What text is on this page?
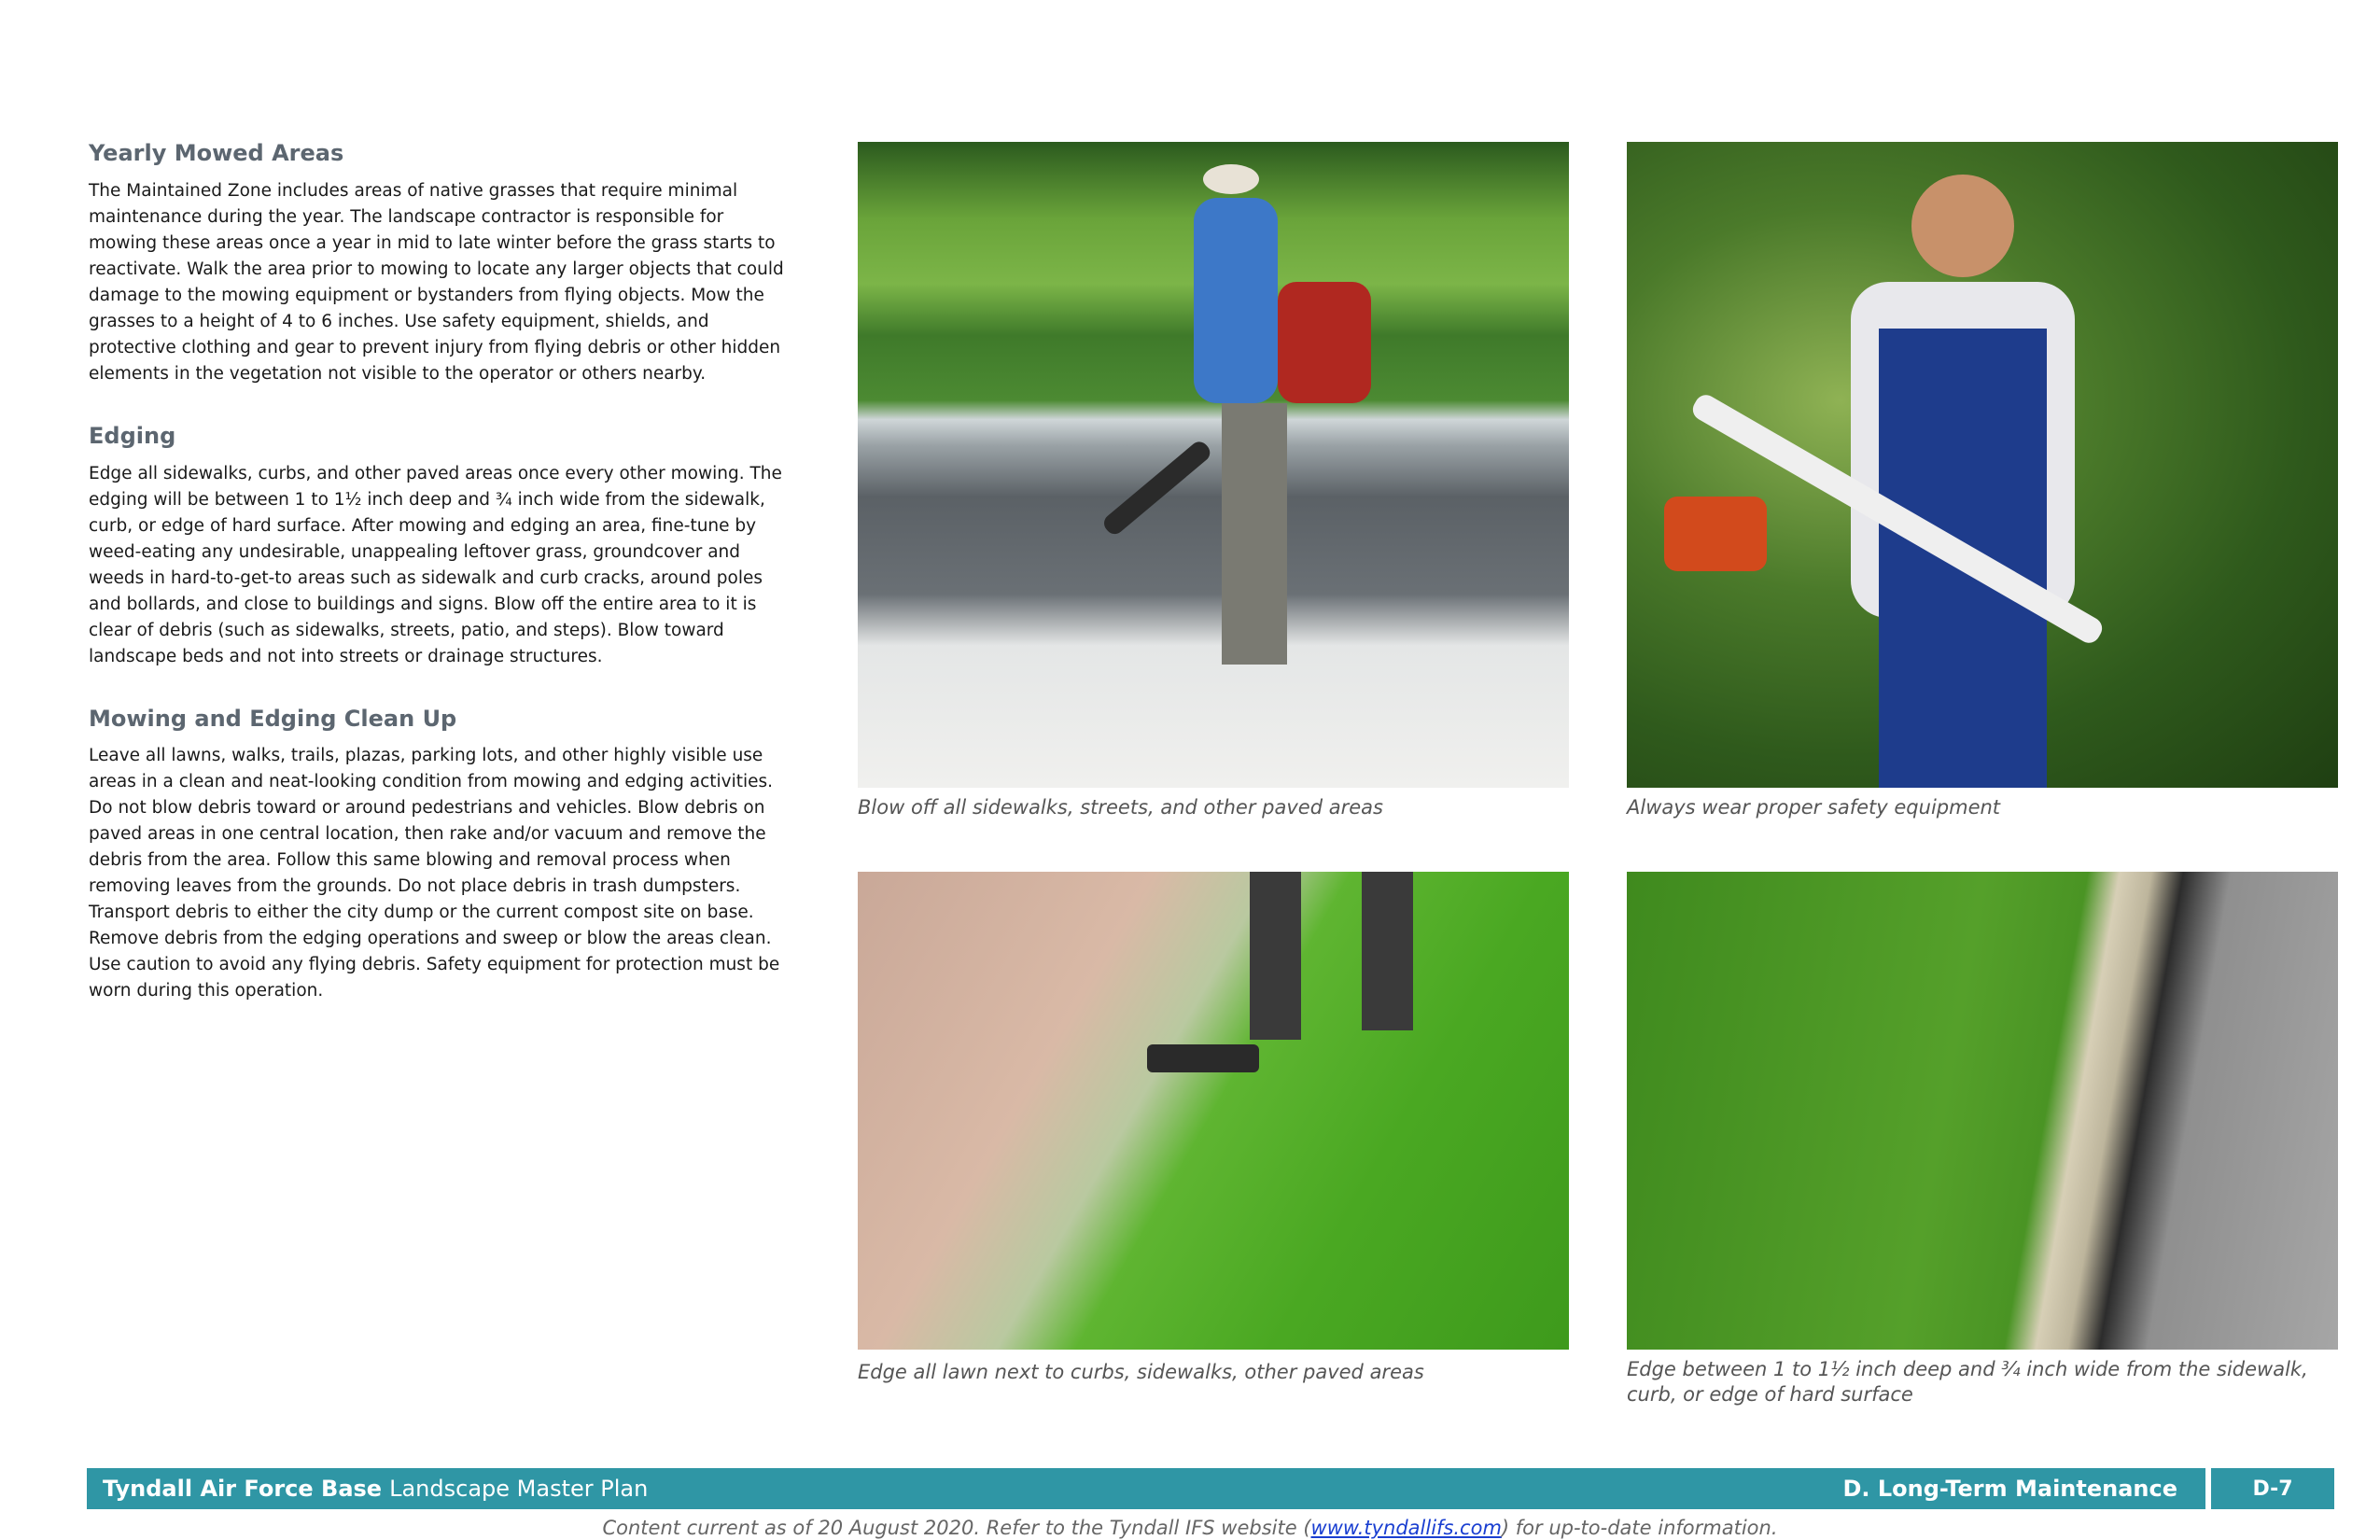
Yearly Mowed Areas

The Maintained Zone includes areas of native grasses that require minimal
maintenance during the year. The landscape contractor is responsible for
mowing these areas once a year in mid to late winter before the grass starts to
reactivate. Walk the area prior to mowing to locate any larger objects that could
damage to the mowing equipment or bystanders from flying objects. Mow the
grasses to a height of 4 to 6 inches. Use safety equipment, shields, and
protective clothing and gear to prevent injury from flying debris or other hidden
elements in the vegetation not visible to the operator or others nearby.

Edging

Edge all sidewalks, curbs, and other paved areas once every other mowing. The
edging will be between 1 to 1½ inch deep and ¾ inch wide from the sidewalk,
curb, or edge of hard surface. After mowing and edging an area, fine-tune by
weed-eating any undesirable, unappealing leftover grass, groundcover and
weeds in hard-to-get-to areas such as sidewalk and curb cracks, around poles
and bollards, and close to buildings and signs. Blow off the entire area to it is
clear of debris (such as sidewalks, streets, patio, and steps). Blow toward
landscape beds and not into streets or drainage structures.

Mowing and Edging Clean Up

Leave all lawns, walks, trails, plazas, parking lots, and other highly visible use
areas in a clean and neat-looking condition from mowing and edging activities.
Do not blow debris toward or around pedestrians and vehicles. Blow debris on
paved areas in one central location, then rake and/or vacuum and remove the
debris from the area. Follow this same blowing and removal process when
removing leaves from the grounds. Do not place debris in trash dumpsters.
Transport debris to either the city dump or the current compost site on base.
Remove debris from the edging operations and sweep or blow the areas clean.
Use caution to avoid any flying debris. Safety equipment for protection must be
worn during this operation.

Blow off all sidewalks, streets, and other paved areas	Always wear proper safety equipment
Edge all lawn next to curbs, sidewalks, other paved areas	Edge between 1 to 1½ inch deep and ¾ inch wide from the sidewalk,
curb, or edge of hard surface
Tyndall Air Force Base Landscape Master Plan	D. Long-Term Maintenance	D-7
Content current as of 20 August 2020. Refer to the Tyndall IFS website (www.tyndallifs.com) for up-to-date information.
